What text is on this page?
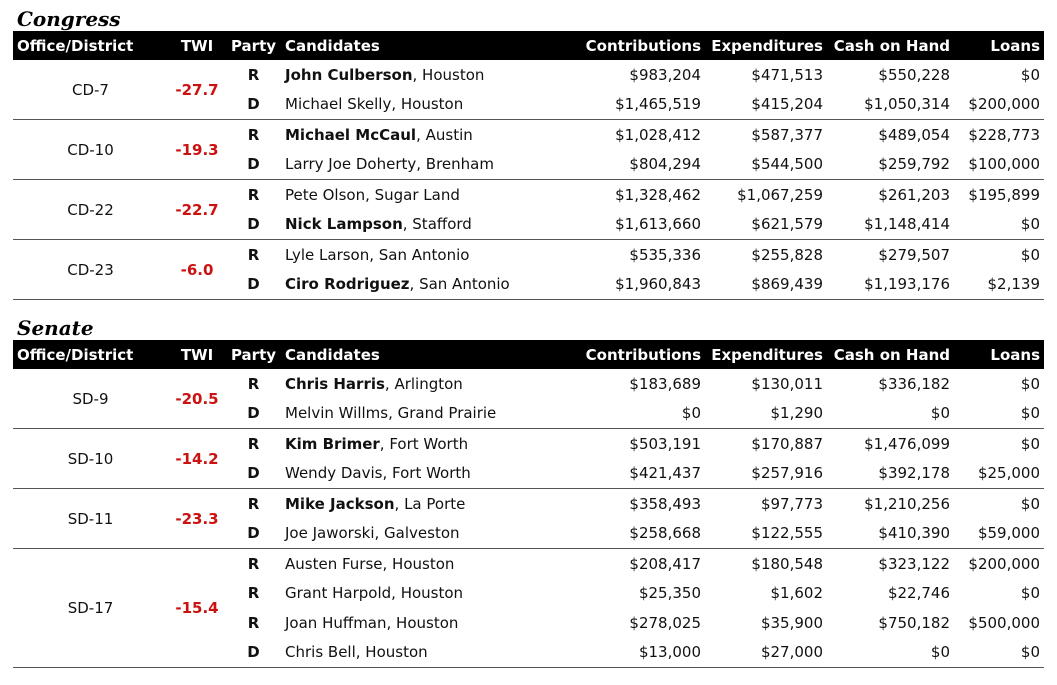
Congress
Office/District	TWI	Party	Candidates	Contributions	Expenditures	Cash on Hand	Loans
CD-7	-27.7	R	John Culberson, Houston	$983,204	$471,513	$550,228	$0
		D	Michael Skelly, Houston	$1,465,519	$415,204	$1,050,314	$200,000
CD-10	-19.3	R	Michael McCaul, Austin	$1,028,412	$587,377	$489,054	$228,773
		D	Larry Joe Doherty, Brenham	$804,294	$544,500	$259,792	$100,000
CD-22	-22.7	R	Pete Olson, Sugar Land	$1,328,462	$1,067,259	$261,203	$195,899
		D	Nick Lampson, Stafford	$1,613,660	$621,579	$1,148,414	$0
CD-23	-6.0	R	Lyle Larson, San Antonio	$535,336	$255,828	$279,507	$0
		D	Ciro Rodriguez, San Antonio	$1,960,843	$869,439	$1,193,176	$2,139
Senate
Office/District	TWI	Party	Candidates	Contributions	Expenditures	Cash on Hand	Loans
SD-9	-20.5	R	Chris Harris, Arlington	$183,689	$130,011	$336,182	$0
		D	Melvin Willms, Grand Prairie	$0	$1,290	$0	$0
SD-10	-14.2	R	Kim Brimer, Fort Worth	$503,191	$170,887	$1,476,099	$0
		D	Wendy Davis, Fort Worth	$421,437	$257,916	$392,178	$25,000
SD-11	-23.3	R	Mike Jackson, La Porte	$358,493	$97,773	$1,210,256	$0
		D	Joe Jaworski, Galveston	$258,668	$122,555	$410,390	$59,000
SD-17	-15.4	R	Austen Furse, Houston	$208,417	$180,548	$323,122	$200,000
		R	Grant Harpold, Houston	$25,350	$1,602	$22,746	$0
		R	Joan Huffman, Houston	$278,025	$35,900	$750,182	$500,000
		D	Chris Bell, Houston	$13,000	$27,000	$0	$0
